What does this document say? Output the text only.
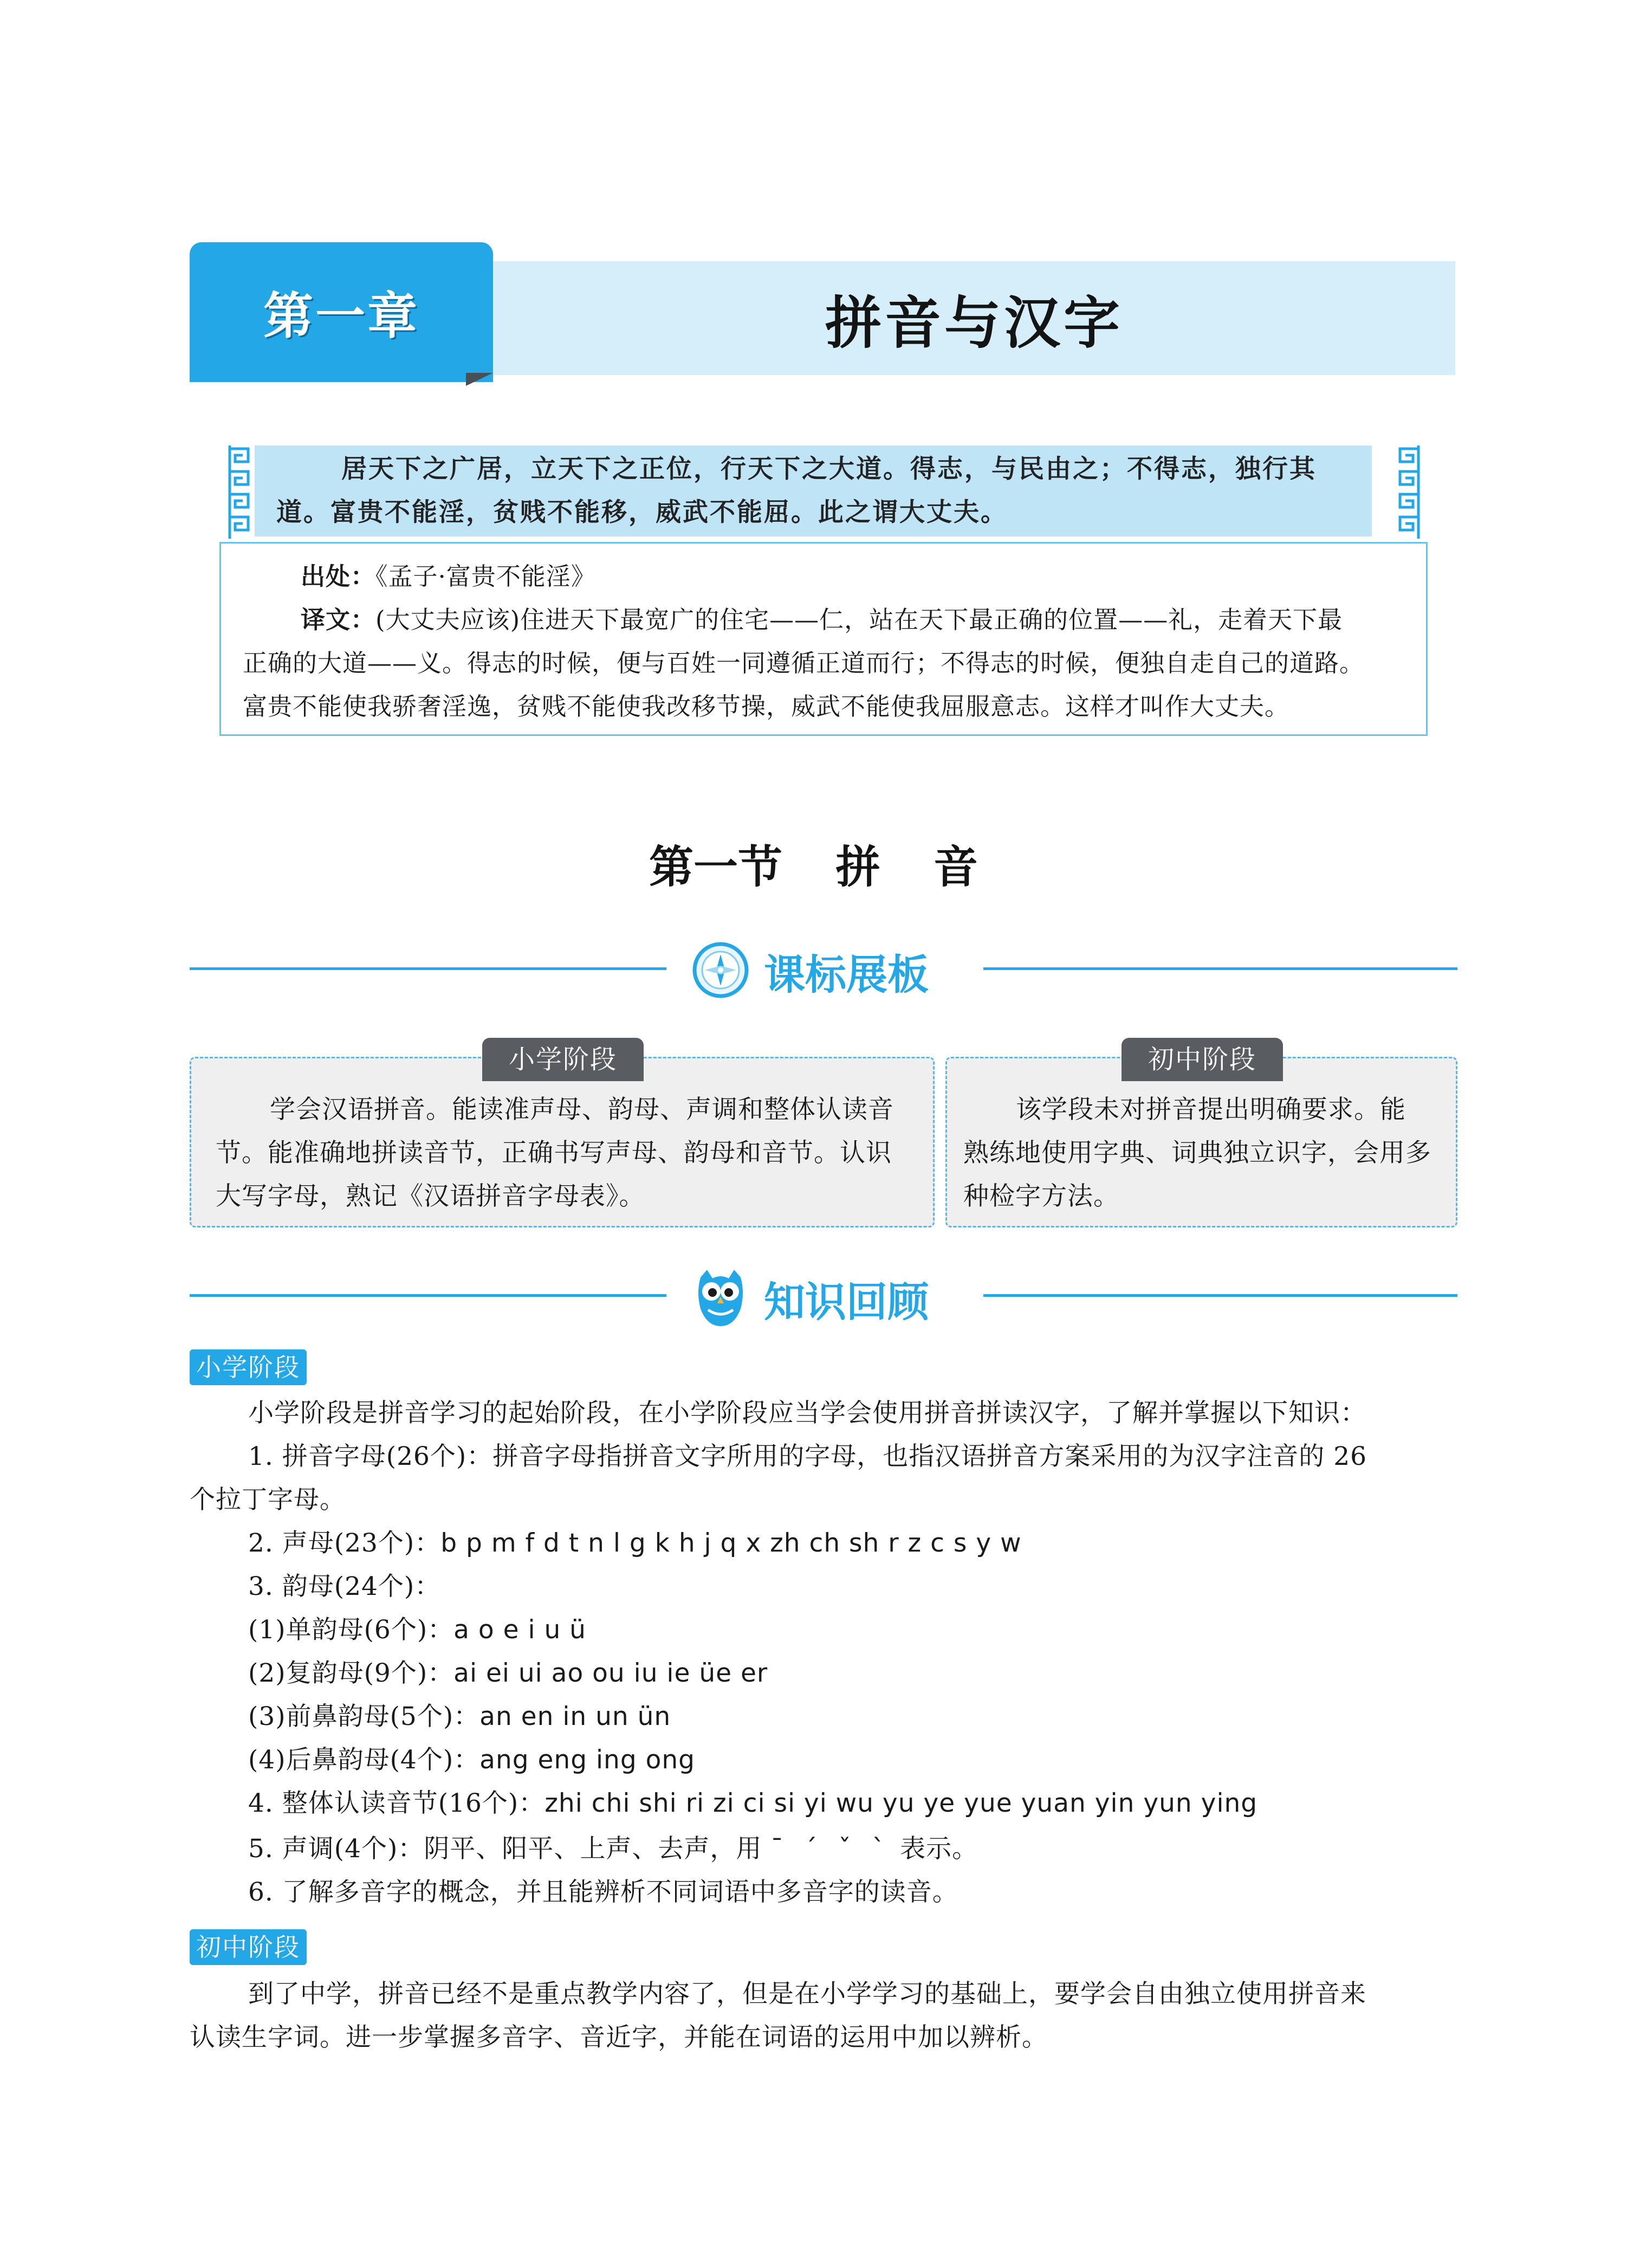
第一章	拼音与汉字
居天下之广居，立天下之正位，行天下之大道。得志，与民由之；不得志，独行其道。富贵不能淫，贫贱不能移，威武不能屈。此之谓大丈夫。
出处：《孟子·富贵不能淫》
译文：(大丈夫应该)住进天下最宽广的住宅——仁，站在天下最正确的位置——礼，走着天下最
正确的大道——义。得志的时候，便与百姓一同遵循正道而行；不得志的时候，便独自走自己的道路。
富贵不能使我骄奢淫逸，贫贱不能使我改移节操，威武不能使我屈服意志。这样才叫作大丈夫。
第一节 拼 音
课标展板
小学阶段
学会汉语拼音。能读准声母、韵母、声调和整体认读音
节。能准确地拼读音节，正确书写声母、韵母和音节。认识
大写字母，熟记《汉语拼音字母表》。
初中阶段
该学段未对拼音提出明确要求。能
熟练地使用字典、词典独立识字，会用多
种检字方法。
知识回顾
小学阶段
小学阶段是拼音学习的起始阶段，在小学阶段应当学会使用拼音拼读汉字，了解并掌握以下知识：
1. 拼音字母(26个)：拼音字母指拼音文字所用的字母，也指汉语拼音方案采用的为汉字注音的 26
个拉丁字母。
2. 声母(23个)：b p m f d t n l g k h j q x zh ch sh r z c s y w
3. 韵母(24个)：
(1)单韵母(6个)：a o e i u ü
(2)复韵母(9个)：ai ei ui ao ou iu ie üe er
(3)前鼻韵母(5个)：an en in un ün
(4)后鼻韵母(4个)：ang eng ing ong
4. 整体认读音节(16个)：zhi chi shi ri zi ci si yi wu yu ye yue yuan yin yun ying
5. 声调(4个)：阴平、阳平、上声、去声，用 ˉ ˊ ˇ ˋ 表示。
6. 了解多音字的概念，并且能辨析不同词语中多音字的读音。
初中阶段
到了中学，拼音已经不是重点教学内容了，但是在小学学习的基础上，要学会自由独立使用拼音来
认读生字词。进一步掌握多音字、音近字，并能在词语的运用中加以辨析。
